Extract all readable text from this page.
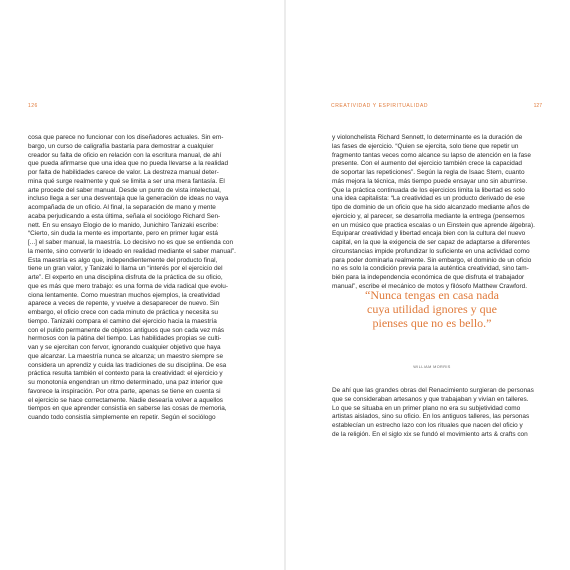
126
cosa que parece no funcionar con los diseñadores actuales. Sin em-
bargo, un curso de caligrafía bastaría para demostrar a cualquier
creador su falta de oficio en relación con la escritura manual, de ahí
que pueda afirmarse que una idea que no pueda llevarse a la realidad
por falta de habilidades carece de valor. La destreza manual deter-
mina qué surge realmente y qué se limita a ser una mera fantasía. El
arte procede del saber manual. Desde un punto de vista intelectual,
incluso llega a ser una desventaja que la generación de ideas no vaya
acompañada de un oficio. Al final, la separación de mano y mente
acaba perjudicando a esta última, señala el sociólogo Richard Sen-
nett. En su ensayo Elogio de lo manido, Junichiro Tanizaki escribe:
“Cierto, sin duda la mente es importante, pero en primer lugar está
[...] el saber manual, la maestría. Lo decisivo no es que se entienda con
la mente, sino convertir lo ideado en realidad mediante el saber manual”.
Esta maestría es algo que, independientemente del producto final,
tiene un gran valor, y Tanizaki lo llama un “interés por el ejercicio del
arte”. El experto en una disciplina disfruta de la práctica de su oficio,
que es más que mero trabajo: es una forma de vida radical que evolu-
ciona lentamente. Como muestran muchos ejemplos, la creatividad
aparece a veces de repente, y vuelve a desaparecer de nuevo. Sin
embargo, el oficio crece con cada minuto de práctica y necesita su
tiempo. Tanizaki compara el camino del ejercicio hacia la maestría
con el pulido permanente de objetos antiguos que son cada vez más
hermosos con la pátina del tiempo. Las habilidades propias se culti-
van y se ejercitan con fervor, ignorando cualquier objetivo que haya
que alcanzar. La maestría nunca se alcanza; un maestro siempre se
considera un aprendiz y cuida las tradiciones de su disciplina. De esa
práctica resulta también el contexto para la creatividad: el ejercicio y
su monotonía engendran un ritmo determinado, una paz interior que
favorece la inspiración. Por otra parte, apenas se tiene en cuenta si
el ejercicio se hace correctamente. Nadie desearía volver a aquellos
tiempos en que aprender consistía en saberse las cosas de memoria,
cuando todo consistía simplemente en repetir. Según el sociólogo
CREATIVIDAD Y ESPIRITUALIDAD	127
y violonchelista Richard Sennett, lo determinante es la duración de
las fases de ejercicio. “Quien se ejercita, solo tiene que repetir un
fragmento tantas veces como alcance su lapso de atención en la fase
presente. Con el aumento del ejercicio también crece la capacidad
de soportar las repeticiones”. Según la regla de Isaac Stern, cuanto
más mejora la técnica, más tiempo puede ensayar uno sin aburrirse.
Que la práctica continuada de los ejercicios limita la libertad es solo
una idea capitalista: “La creatividad es un producto derivado de ese
tipo de dominio de un oficio que ha sido alcanzado mediante años de
ejercicio y, al parecer, se desarrolla mediante la entrega (pensemos
en un músico que practica escalas o un Einstein que aprende álgebra).
Equiparar creatividad y libertad encaja bien con la cultura del nuevo
capital, en la que la exigencia de ser capaz de adaptarse a diferentes
circunstancias impide profundizar lo suficiente en una actividad como
para poder dominarla realmente. Sin embargo, el dominio de un oficio
no es solo la condición previa para la auténtica creatividad, sino tam-
bién para la independencia económica de que disfruta el trabajador
manual”, escribe el mecánico de motos y filósofo Matthew Crawford.
“Nunca tengas en casa nada
cuya utilidad ignores y que
pienses que no es bello.”
WILLIAM MORRIS
De ahí que las grandes obras del Renacimiento surgieran de personas
que se consideraban artesanos y que trabajaban y vivían en talleres.
Lo que se situaba en un primer plano no era su subjetividad como
artistas aislados, sino su oficio. En los antiguos talleres, las personas
establecían un estrecho lazo con los rituales que nacen del oficio y
de la religión. En el siglo xix se fundó el movimiento arts & crafts con
